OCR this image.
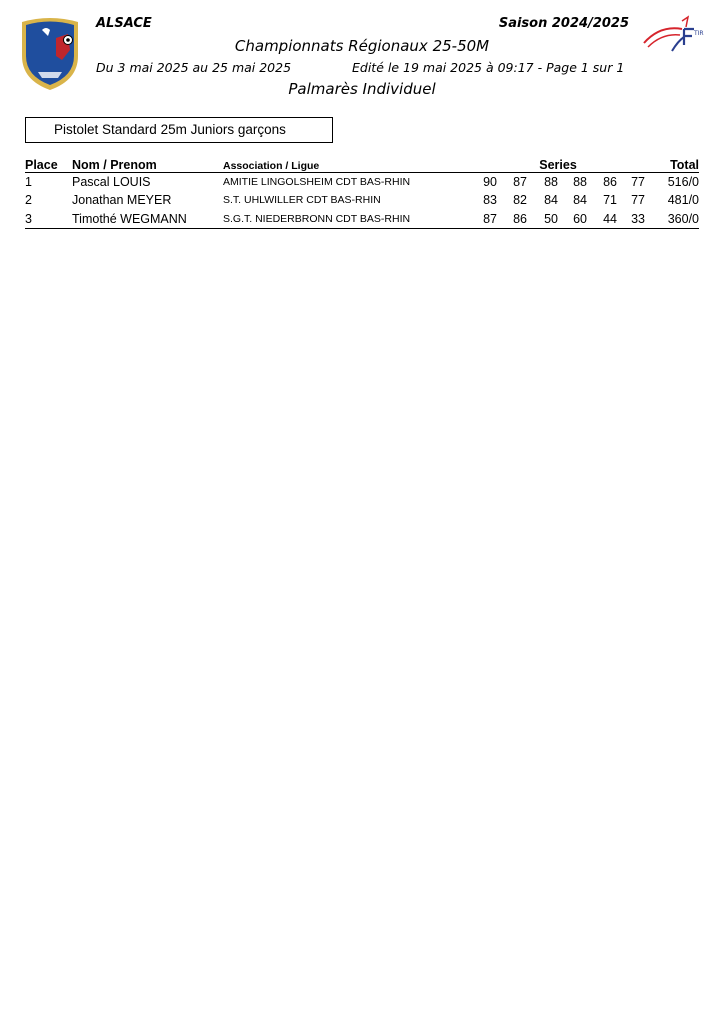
TIR
ALSACE	Saison 2024/2025
Championnats Régionaux 25-50M
Du 3 mai 2025 au 25 mai 2025	Edité le 19 mai 2025 à 09:17 - Page 1 sur 1
Palmarès Individuel
Pistolet Standard 25m Juniors garçons
Place	Nom / Prenom	Association / Ligue	Series						Total
1	Pascal LOUIS	AMITIE LINGOLSHEIM CDT BAS-RHIN	90	87	88	88	86	77	516/0
2	Jonathan MEYER	S.T. UHLWILLER CDT BAS-RHIN	83	82	84	84	71	77	481/0
3	Timothé WEGMANN	S.G.T. NIEDERBRONN CDT BAS-RHIN	87	86	50	60	44	33	360/0
